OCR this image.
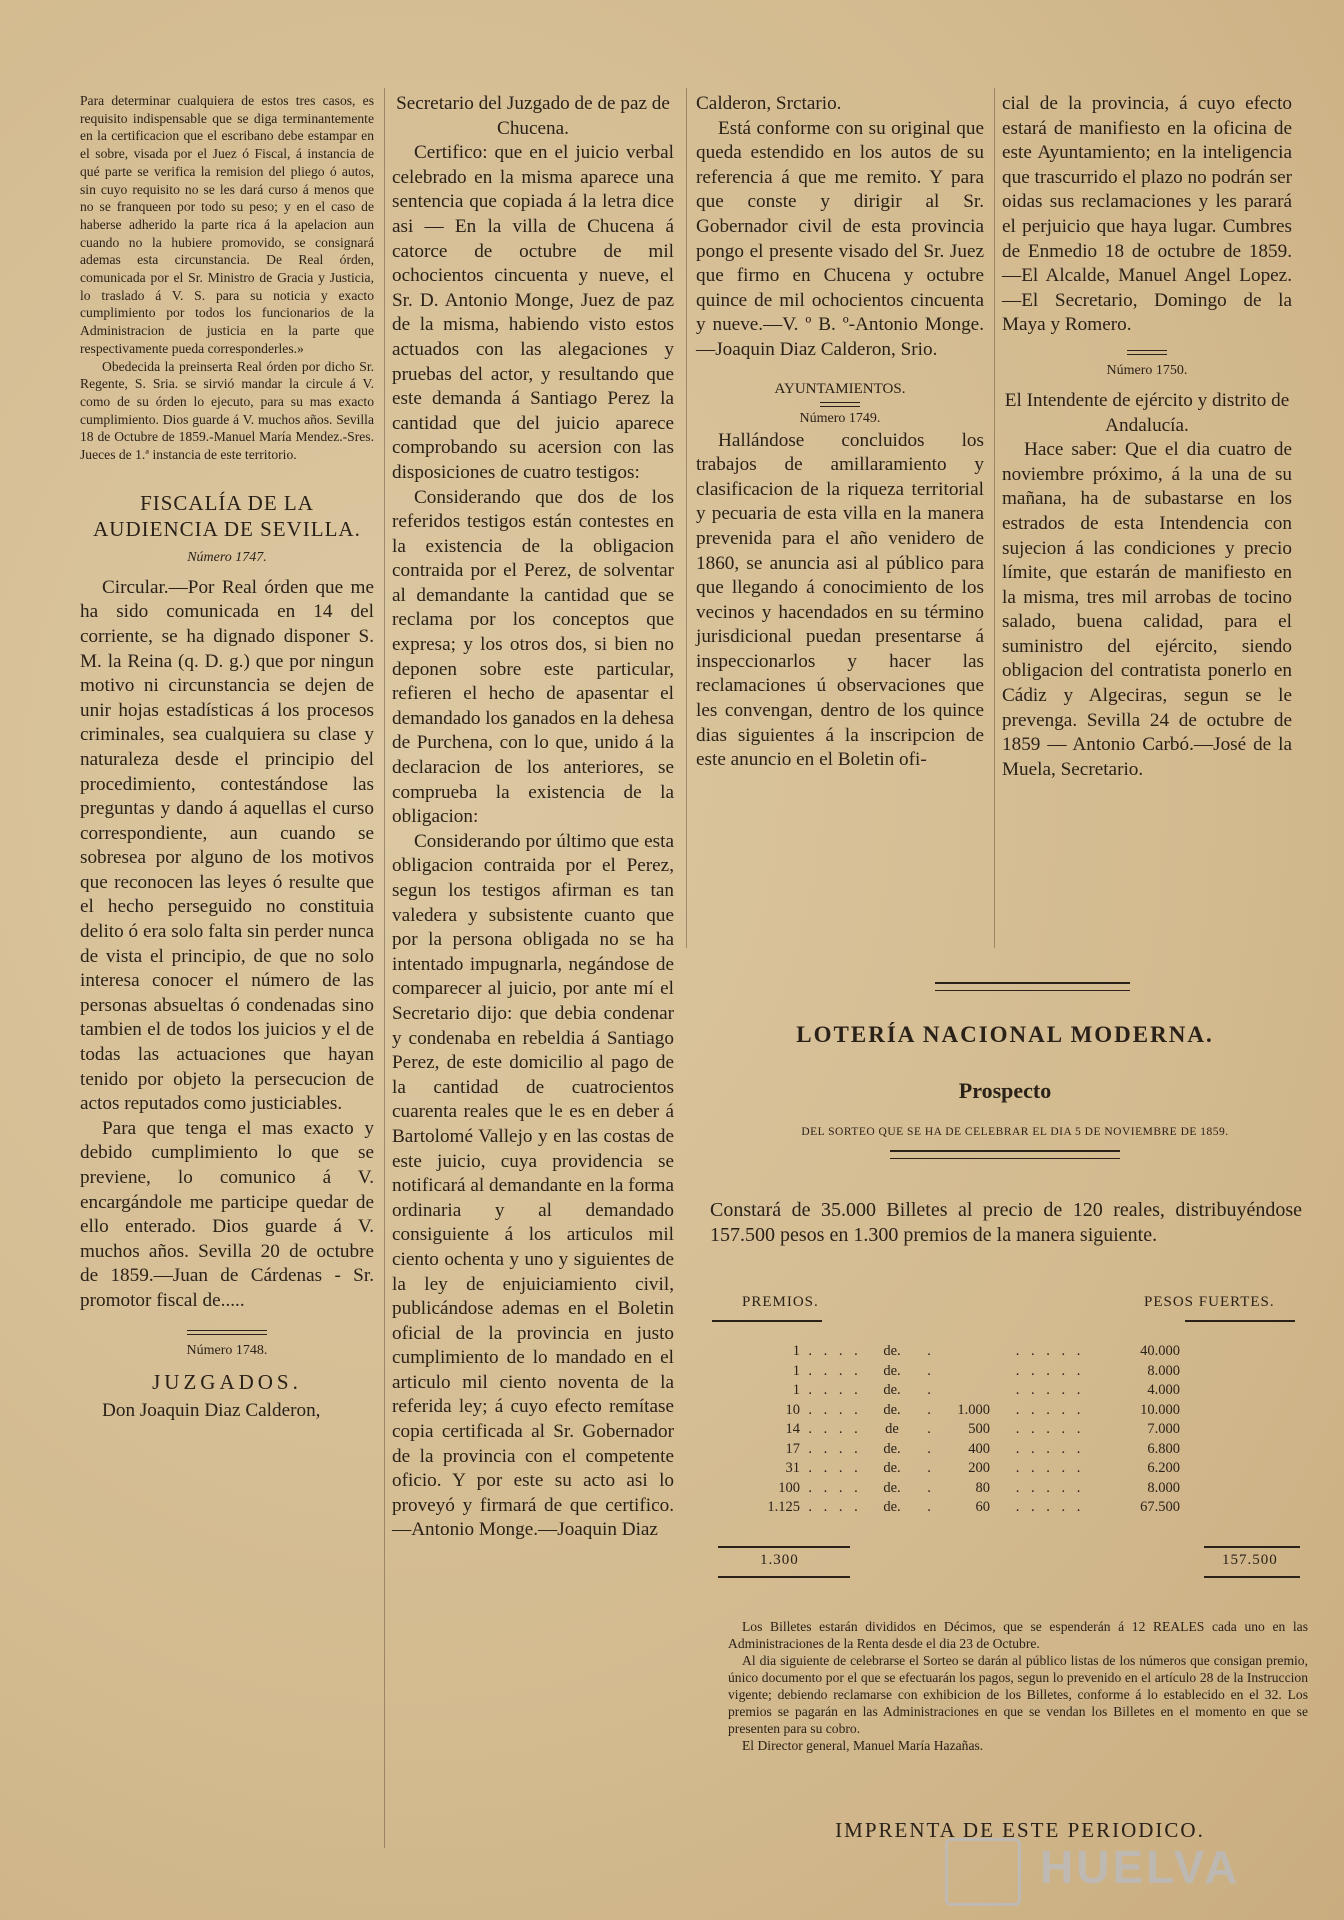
Para determinar cualquiera de estos tres casos, es requisito indispensable que se diga terminantemente en la certificacion que el escribano debe estampar en el sobre, visada por el Juez ó Fiscal, á instancia de qué parte se verifica la remision del pliego ó autos, sin cuyo requisito no se les dará curso á menos que no se franqueen por todo su peso; y en el caso de haberse adherido la parte rica á la apelacion aun cuando no la hubiere promovido, se consignará ademas esta circunstancia. De Real órden, comunicada por el Sr. Ministro de Gracia y Justicia, lo traslado á V. S. para su noticia y exacto cumplimiento por todos los funcionarios de la Administracion de justicia en la parte que respectivamente pueda corresponderles.»

Obedecida la preinserta Real órden por dicho Sr. Regente, S. Sria. se sirvió mandar la circule á V. como de su órden lo ejecuto, para su mas exacto cumplimiento. Dios guarde á V. muchos años. Sevilla 18 de Octubre de 1859.-Manuel María Mendez.-Sres. Jueces de 1.ª instancia de este territorio.

FISCALÍA DE LA AUDIENCIA DE SEVILLA.
Número 1747.

Circular.—Por Real órden que me ha sido comunicada en 14 del corriente, se ha dignado disponer S. M. la Reina (q. D. g.) que por ningun motivo ni circunstancia se dejen de unir hojas estadísticas á los procesos criminales, sea cualquiera su clase y naturaleza desde el principio del procedimiento, contestándose las preguntas y dando á aquellas el curso correspondiente, aun cuando se sobresea por alguno de los motivos que reconocen las leyes ó resulte que el hecho perseguido no constituia delito ó era solo falta sin perder nunca de vista el principio, de que no solo interesa conocer el número de las personas absueltas ó condenadas sino tambien el de todos los juicios y el de todas las actuaciones que hayan tenido por objeto la persecucion de actos reputados como justiciables.

Para que tenga el mas exacto y debido cumplimiento lo que se previene, lo comunico á V. encargándole me participe quedar de ello enterado. Dios guarde á V. muchos años. Sevilla 20 de octubre de 1859.—Juan de Cárdenas - Sr. promotor fiscal de.....

Número 1748.
JUZGADOS.

Don Joaquin Diaz Calderon,

Secretario del Juzgado de de paz de Chucena.

Certifico: que en el juicio verbal celebrado en la misma aparece una sentencia que copiada á la letra dice asi — En la villa de Chucena á catorce de octubre de mil ochocientos cincuenta y nueve, el Sr. D. Antonio Monge, Juez de paz de la misma, habiendo visto estos actuados con las alegaciones y pruebas del actor, y resultando que este demanda á Santiago Perez la cantidad que del juicio aparece comprobando su acersion con las disposiciones de cuatro testigos:

Considerando que dos de los referidos testigos están contestes en la existencia de la obligacion contraida por el Perez, de solventar al demandante la cantidad que se reclama por los conceptos que expresa; y los otros dos, si bien no deponen sobre este particular, refieren el hecho de apasentar el demandado los ganados en la dehesa de Purchena, con lo que, unido á la declaracion de los anteriores, se comprueba la existencia de la obligacion:

Considerando por último que esta obligacion contraida por el Perez, segun los testigos afirman es tan valedera y subsistente cuanto que por la persona obligada no se ha intentado impugnarla, negándose de comparecer al juicio, por ante mí el Secretario dijo: que debia condenar y condenaba en rebeldia á Santiago Perez, de este domicilio al pago de la cantidad de cuatrocientos cuarenta reales que le es en deber á Bartolomé Vallejo y en las costas de este juicio, cuya providencia se notificará al demandante en la forma ordinaria y al demandado consiguiente á los articulos mil ciento ochenta y uno y siguientes de la ley de enjuiciamiento civil, publicándose ademas en el Boletin oficial de la provincia en justo cumplimiento de lo mandado en el articulo mil ciento noventa de la referida ley; á cuyo efecto remítase copia certificada al Sr. Gobernador de la provincia con el competente oficio. Y por este su acto asi lo proveyó y firmará de que certifico.—Antonio Monge.—Joaquin Diaz

Calderon, Srctario.

Está conforme con su original que queda estendido en los autos de su referencia á que me remito. Y para que conste y dirigir al Sr. Gobernador civil de esta provincia pongo el presente visado del Sr. Juez que firmo en Chucena y octubre quince de mil ochocientos cincuenta y nueve.—V. º B. º-Antonio Monge.—Joaquin Diaz Calderon, Srio.

AYUNTAMIENTOS.
Número 1749.

Hallándose concluidos los trabajos de amillaramiento y clasificacion de la riqueza territorial y pecuaria de esta villa en la manera prevenida para el año venidero de 1860, se anuncia asi al público para que llegando á conocimiento de los vecinos y hacendados en su término jurisdicional puedan presentarse á inspeccionarlos y hacer las reclamaciones ú observaciones que les convengan, dentro de los quince dias siguientes á la inscripcion de este anuncio en el Boletin ofi-

cial de la provincia, á cuyo efecto estará de manifiesto en la oficina de este Ayuntamiento; en la inteligencia que trascurrido el plazo no podrán ser oidas sus reclamaciones y les parará el perjuicio que haya lugar. Cumbres de Enmedio 18 de octubre de 1859.—El Alcalde, Manuel Angel Lopez.—El Secretario, Domingo de la Maya y Romero.

Número 1750.

El Intendente de ejército y distrito de Andalucía.

Hace saber: Que el dia cuatro de noviembre próximo, á la una de su mañana, ha de subastarse en los estrados de esta Intendencia con sujecion á las condiciones y precio límite, que estarán de manifiesto en la misma, tres mil arrobas de tocino salado, buena calidad, para el suministro del ejército, siendo obligacion del contratista ponerlo en Cádiz y Algeciras, segun se le prevenga. Sevilla 24 de octubre de 1859 — Antonio Carbó.—José de la Muela, Secretario.

LOTERÍA NACIONAL MODERNA.
Prospecto
DEL SORTEO QUE SE HA DE CELEBRAR EL DIA 5 DE NOVIEMBRE DE 1859.
Constará de 35.000 Billetes al precio de 120 reales, distribuyéndose 157.500 pesos en 1.300 premios de la manera siguiente.
PREMIOS.	PESOS FUERTES.
1	. . . .	de.	.		. . . . .	40.000
1	. . . .	de.	.		. . . . .	8.000
1	. . . .	de.	.		. . . . .	4.000
10	. . . .	de.	.	1.000	. . . . .	10.000
14	. . . .	de	.	500	. . . . .	7.000
17	. . . .	de.	.	400	. . . . .	6.800
31	. . . .	de.	.	200	. . . . .	6.200
100	. . . .	de.	.	80	. . . . .	8.000
1.125	. . . .	de.	.	60	. . . . .	67.500
1.300	157.500

Los Billetes estarán divididos en Décimos, que se espenderán á 12 REALES cada uno en las Administraciones de la Renta desde el dia 23 de Octubre.

Al dia siguiente de celebrarse el Sorteo se darán al público listas de los números que consigan premio, único documento por el que se efectuarán los pagos, segun lo prevenido en el artículo 28 de la Instruccion vigente; debiendo reclamarse con exhibicion de los Billetes, conforme á lo establecido en el 32. Los premios se pagarán en las Administraciones en que se vendan los Billetes en el momento en que se presenten para su cobro.

El Director general, Manuel María Hazañas.

IMPRENTA DE ESTE PERIODICO.
HUELVA
